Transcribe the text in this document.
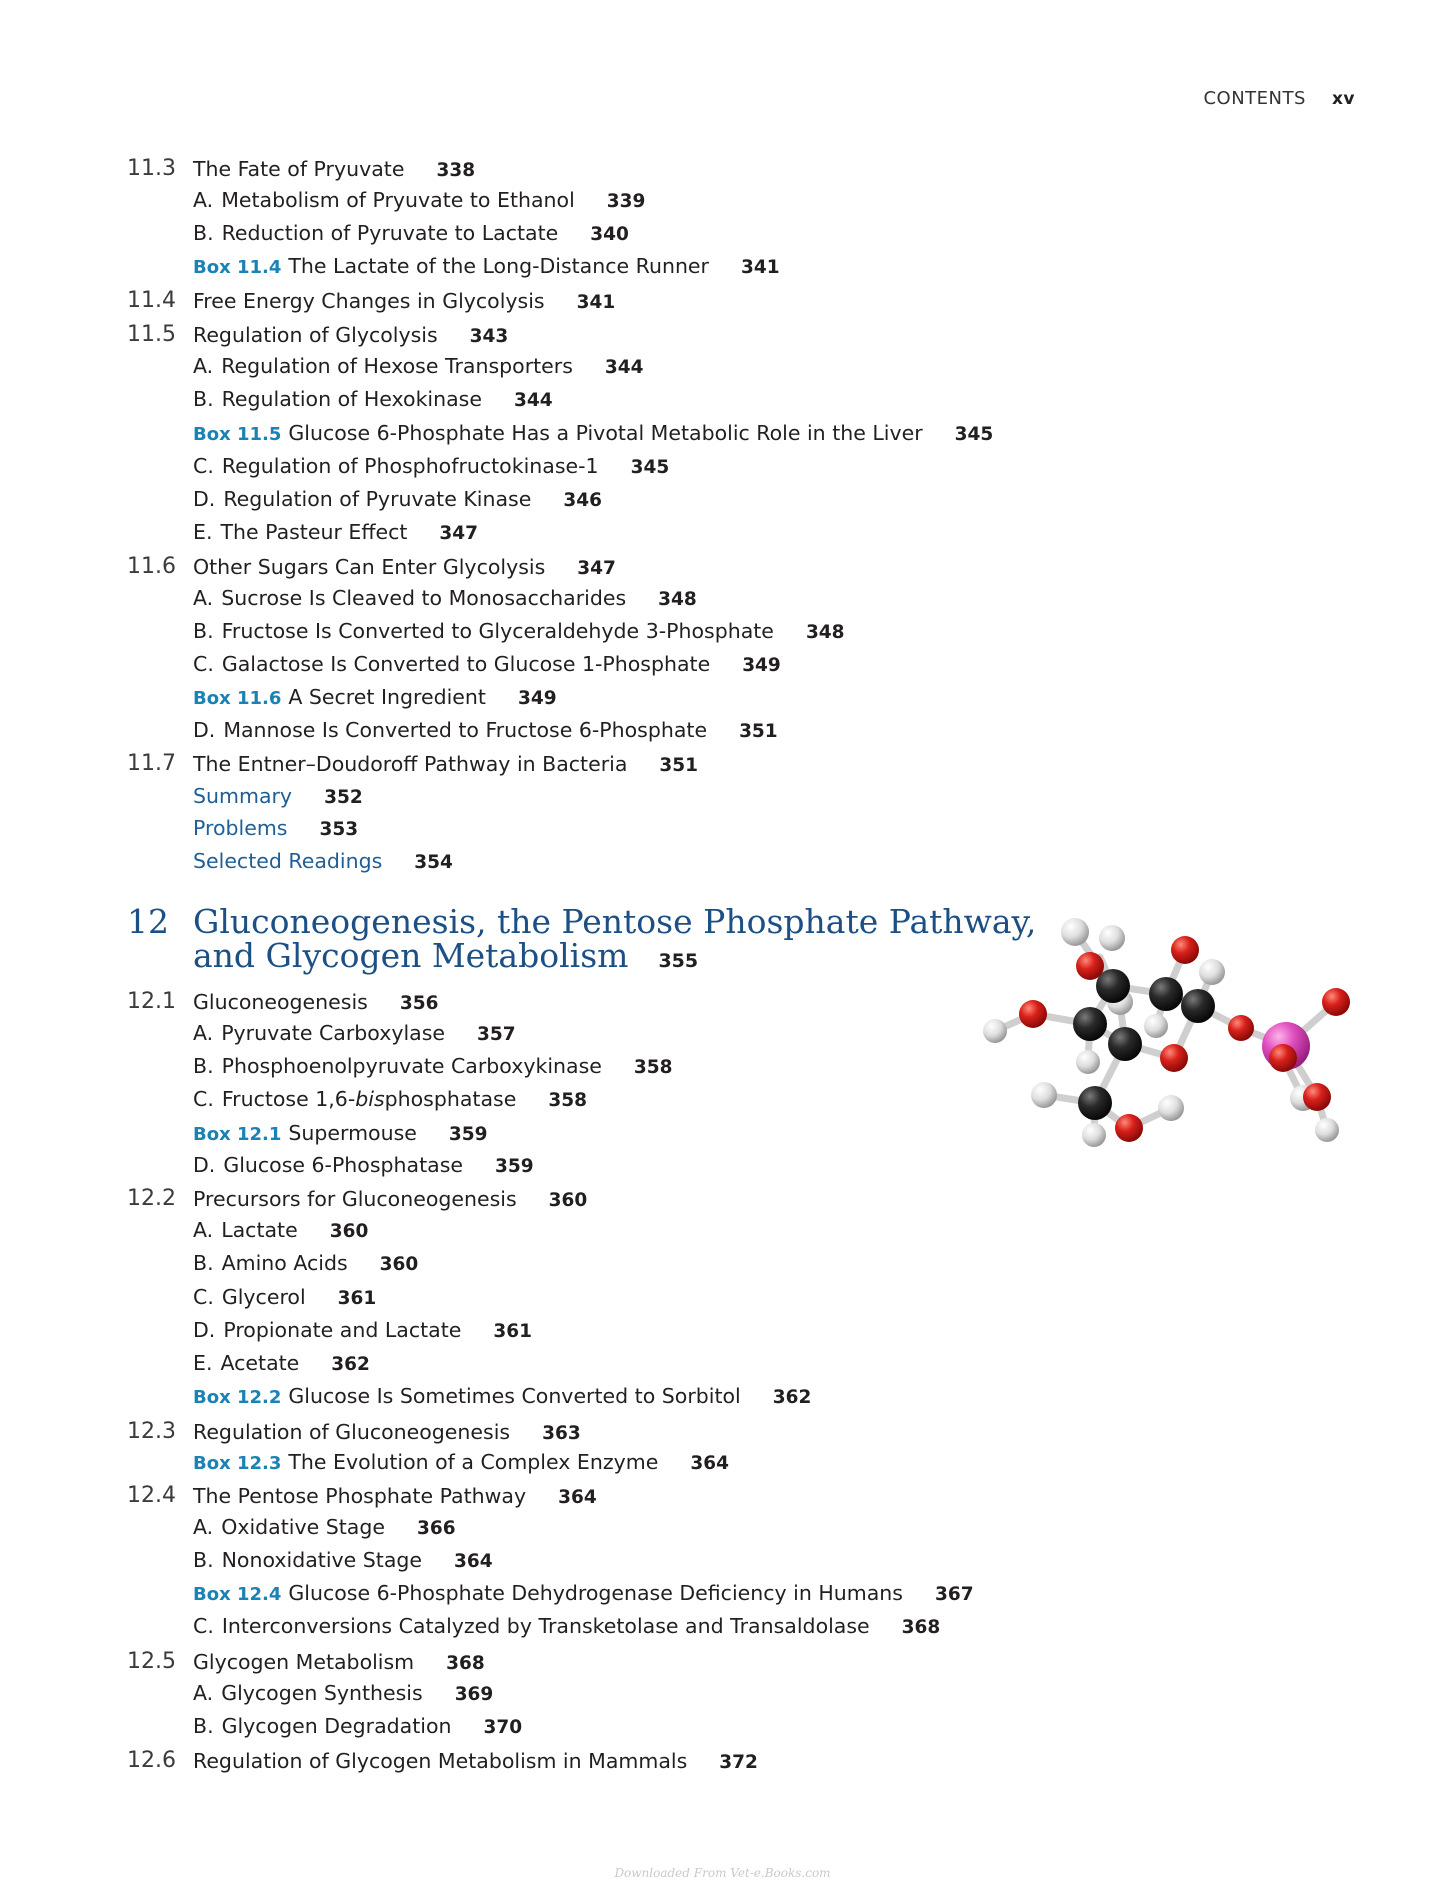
CONTENTS xv
11.3 The Fate of Pryuvate 338
A. Metabolism of Pryuvate to Ethanol 339
B. Reduction of Pyruvate to Lactate 340
Box 11.4 The Lactate of the Long-Distance Runner 341
11.4 Free Energy Changes in Glycolysis 341
11.5 Regulation of Glycolysis 343
A. Regulation of Hexose Transporters 344
B. Regulation of Hexokinase 344
Box 11.5 Glucose 6-Phosphate Has a Pivotal Metabolic Role in the Liver 345
C. Regulation of Phosphofructokinase-1 345
D. Regulation of Pyruvate Kinase 346
E. The Pasteur Effect 347
11.6 Other Sugars Can Enter Glycolysis 347
A. Sucrose Is Cleaved to Monosaccharides 348
B. Fructose Is Converted to Glyceraldehyde 3-Phosphate 348
C. Galactose Is Converted to Glucose 1-Phosphate 349
Box 11.6 A Secret Ingredient 349
D. Mannose Is Converted to Fructose 6-Phosphate 351
11.7 The Entner–Doudoroff Pathway in Bacteria 351
Summary 352
Problems 353
Selected Readings 354
12.1 Gluconeogenesis 356
A. Pyruvate Carboxylase 357
B. Phosphoenolpyruvate Carboxykinase 358
C. Fructose 1,6-bisphosphatase 358
Box 12.1 Supermouse 359
D. Glucose 6-Phosphatase 359
12.2 Precursors for Gluconeogenesis 360
A. Lactate 360
B. Amino Acids 360
C. Glycerol 361
D. Propionate and Lactate 361
E. Acetate 362
Box 12.2 Glucose Is Sometimes Converted to Sorbitol 362
12.3 Regulation of Gluconeogenesis 363
Box 12.3 The Evolution of a Complex Enzyme 364
12.4 The Pentose Phosphate Pathway 364
A. Oxidative Stage 366
B. Nonoxidative Stage 364
Box 12.4 Glucose 6-Phosphate Dehydrogenase Deficiency in Humans 367
C. Interconversions Catalyzed by Transketolase and Transaldolase 368
12.5 Glycogen Metabolism 368
A. Glycogen Synthesis 369
B. Glycogen Degradation 370
12.6 Regulation of Glycogen Metabolism in Mammals 372
12 Gluconeogenesis, the Pentose Phosphate Pathway,
and Glycogen Metabolism 355
Downloaded From Vet-e.Books.com
